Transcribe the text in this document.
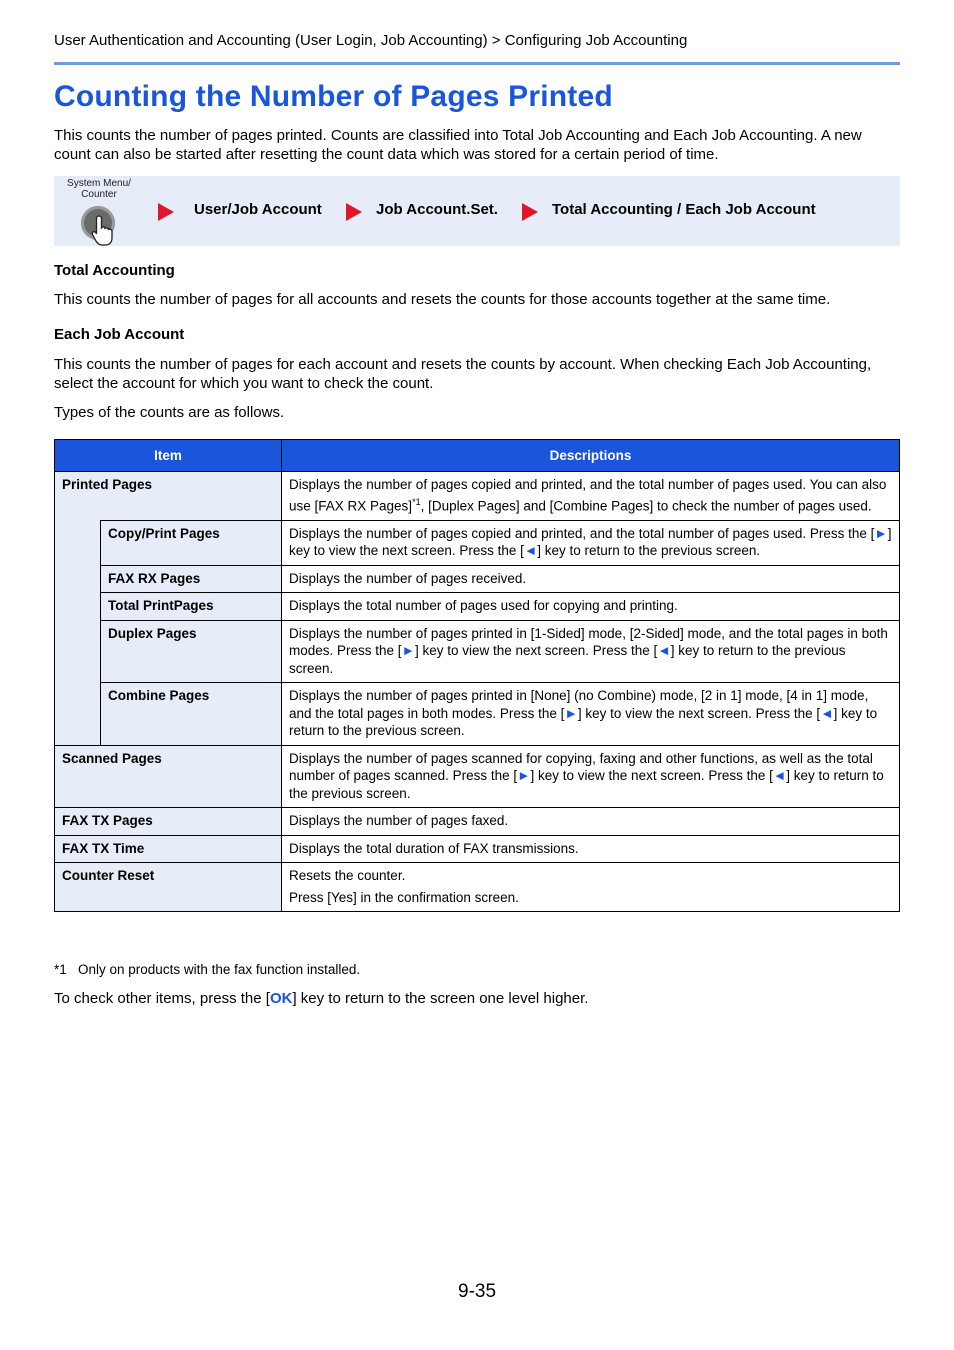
User Authentication and Accounting (User Login, Job Accounting) > Configuring Job Accounting
Counting the Number of Pages Printed

This counts the number of pages printed. Counts are classified into Total Job Accounting and Each Job Accounting. A new count can also be started after resetting the count data which was stored for a certain period of time.

System Menu/
Counter
User/Job Account	Job Account.Set.	Total Accounting / Each Job Account
Total Accounting

This counts the number of pages for all accounts and resets the counts for those accounts together at the same time.

Each Job Account

This counts the number of pages for each account and resets the counts by account. When checking Each Job Accounting, select the account for which you want to check the count.

Types of the counts are as follows.

Item		Descriptions
Printed Pages		Displays the number of pages copied and printed, and the total number of pages used. You can also use [FAX RX Pages]$^{*1}$, [Duplex Pages] and [Combine Pages] to check the number of pages used.
	Copy/Print Pages	Displays the number of pages copied and printed, and the total number of pages used. Press the [►] key to view the next screen. Press the [◄] key to return to the previous screen.
	FAX RX Pages	Displays the number of pages received.
	Total PrintPages	Displays the total number of pages used for copying and printing.
	Duplex Pages	Displays the number of pages printed in [1-Sided] mode, [2-Sided] mode, and the total pages in both modes. Press the [►] key to view the next screen. Press the [◄] key to return to the previous screen.
	Combine Pages	Displays the number of pages printed in [None] (no Combine) mode, [2 in 1] mode, [4 in 1] mode, and the total pages in both modes. Press the [►] key to view the next screen. Press the [◄] key to return to the previous screen.
Scanned Pages		Displays the number of pages scanned for copying, faxing and other functions, as well as the total number of pages scanned. Press the [►] key to view the next screen. Press the [◄] key to return to the previous screen.
FAX TX Pages		Displays the number of pages faxed.
FAX TX Time		Displays the total duration of FAX transmissions.
Counter Reset		Resets the counter.

Press [Yes] in the confirmation screen.

*1   Only on products with the fax function installed.

To check other items, press the [OK] key to return to the screen one level higher.

9-35
